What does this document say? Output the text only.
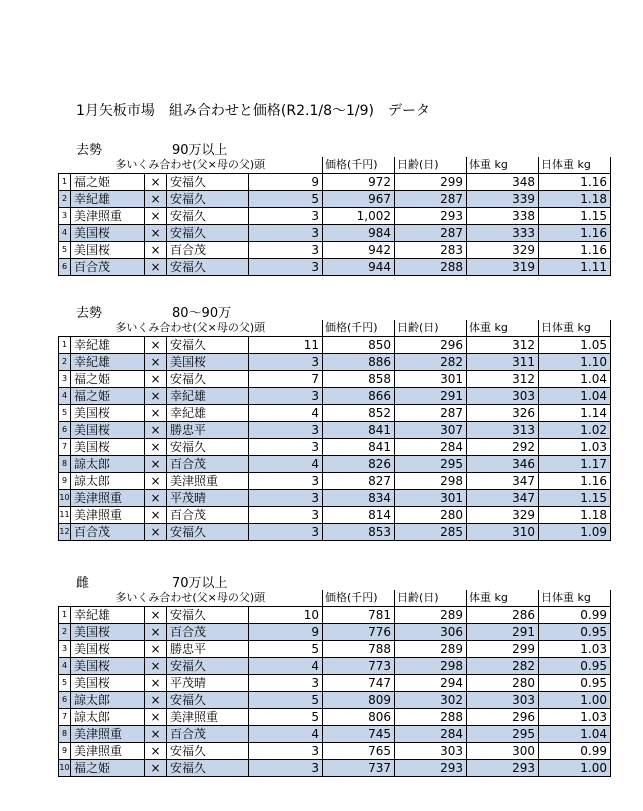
1月矢板市場　組み合わせと価格(R2.1/8〜1/9)　データ
去勢	90万以上
多いくみ合わせ(父×母の父)頭					価格(千円)	日齢(日)	体重 kg	日体重 kg
1	福之姫	×	安福久	9	972	299	348	1.16
2	幸紀雄	×	安福久	5	967	287	339	1.18
3	美津照重	×	安福久	3	1,002	293	338	1.15
4	美国桜	×	安福久	3	984	287	333	1.16
5	美国桜	×	百合茂	3	942	283	329	1.16
6	百合茂	×	安福久	3	944	288	319	1.11
去勢	80〜90万
多いくみ合わせ(父×母の父)頭					価格(千円)	日齢(日)	体重 kg	日体重 kg
1	幸紀雄	×	安福久	11	850	296	312	1.05
2	幸紀雄	×	美国桜	3	886	282	311	1.10
3	福之姫	×	安福久	7	858	301	312	1.04
4	福之姫	×	幸紀雄	3	866	291	303	1.04
5	美国桜	×	幸紀雄	4	852	287	326	1.14
6	美国桜	×	勝忠平	3	841	307	313	1.02
7	美国桜	×	安福久	3	841	284	292	1.03
8	諒太郎	×	百合茂	4	826	295	346	1.17
9	諒太郎	×	美津照重	3	827	298	347	1.16
10	美津照重	×	平茂晴	3	834	301	347	1.15
11	美津照重	×	百合茂	3	814	280	329	1.18
12	百合茂	×	安福久	3	853	285	310	1.09
雌	70万以上
多いくみ合わせ(父×母の父)頭					価格(千円)	日齢(日)	体重 kg	日体重 kg
1	幸紀雄	×	安福久	10	781	289	286	0.99
2	美国桜	×	百合茂	9	776	306	291	0.95
3	美国桜	×	勝忠平	5	788	289	299	1.03
4	美国桜	×	安福久	4	773	298	282	0.95
5	美国桜	×	平茂晴	3	747	294	280	0.95
6	諒太郎	×	安福久	5	809	302	303	1.00
7	諒太郎	×	美津照重	5	806	288	296	1.03
8	美津照重	×	百合茂	4	745	284	295	1.04
9	美津照重	×	安福久	3	765	303	300	0.99
10	福之姫	×	安福久	3	737	293	293	1.00
